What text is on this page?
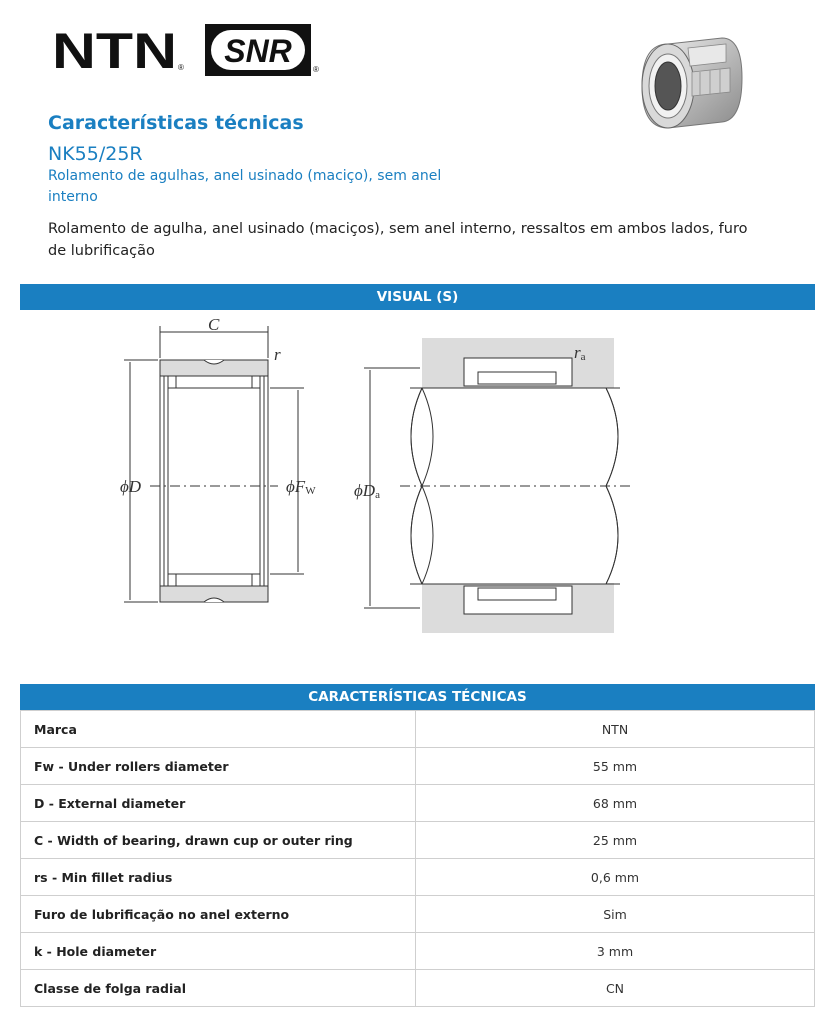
NTN ® SNR
®
Características técnicas
NK55/25R
Rolamento de agulhas, anel usinado (maciço), sem anel interno
Rolamento de agulha, anel usinado (maciços), sem anel interno, ressaltos em ambos lados, furo de lubrificação
VISUAL (S)
C
r
ϕD	ϕFW ϕDa
ra
CARACTERÍSTICAS TÉCNICAS
Marca	NTN
Fw - Under rollers diameter	55 mm
D - External diameter	68 mm
C - Width of bearing, drawn cup or outer ring	25 mm
rs - Min fillet radius	0,6 mm
Furo de lubrificação no anel externo	Sim
k - Hole diameter	3 mm
Classe de folga radial	CN
